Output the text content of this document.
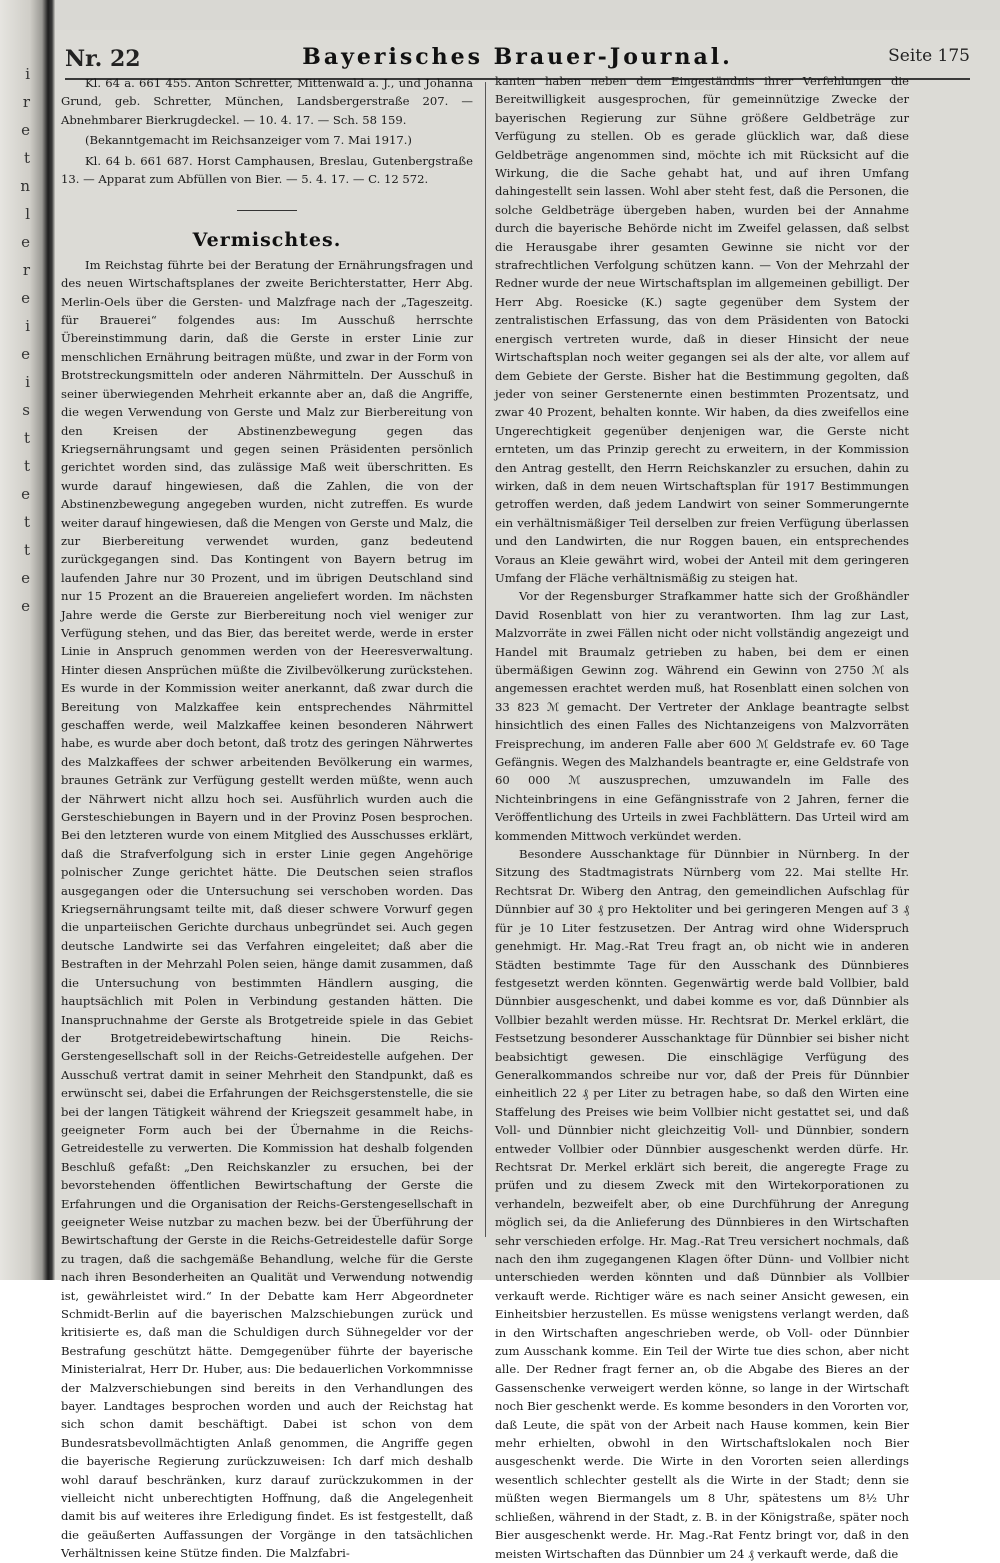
i
r
e
t
n
l
e
r
e
i
e
i
s
t
t
e
t
t
e
e
Nr. 22	Bayerisches Brauer-Journal.	Seite 175

Kl. 64 a. 661 455. Anton Schretter, Mittenwald a. J., und Johanna Grund, geb. Schretter, München, Landsbergerstraße 207. — Abnehmbarer Bierkrugdeckel. — 10. 4. 17. — Sch. 58 159.

(Bekanntgemacht im Reichsanzeiger vom 7. Mai 1917.)

Kl. 64 b. 661 687. Horst Camphausen, Breslau, Gutenbergstraße 13. — Apparat zum Abfüllen von Bier. — 5. 4. 17. — C. 12 572.

Vermischtes.

Im Reichstag führte bei der Beratung der Ernährungsfragen und des neuen Wirtschaftsplanes der zweite Berichterstatter, Herr Abg. Merlin-Oels über die Gersten- und Malzfrage nach der „Tageszeitg. für Brauerei“ folgendes aus: Im Ausschuß herrschte Übereinstimmung darin, daß die Gerste in erster Linie zur menschlichen Ernährung beitragen müßte, und zwar in der Form von Brotstreckungsmitteln oder anderen Nährmitteln. Der Ausschuß in seiner überwiegenden Mehrheit erkannte aber an, daß die Angriffe, die wegen Verwendung von Gerste und Malz zur Bierbereitung von den Kreisen der Abstinenzbewegung gegen das Kriegsernährungsamt und gegen seinen Präsidenten persönlich gerichtet worden sind, das zulässige Maß weit überschritten. Es wurde darauf hingewiesen, daß die Zahlen, die von der Abstinenzbewegung angegeben wurden, nicht zutreffen. Es wurde weiter darauf hingewiesen, daß die Mengen von Gerste und Malz, die zur Bierbereitung verwendet wurden, ganz bedeutend zurückgegangen sind. Das Kontingent von Bayern betrug im laufenden Jahre nur 30 Prozent, und im übrigen Deutschland sind nur 15 Prozent an die Brauereien angeliefert worden. Im nächsten Jahre werde die Gerste zur Bierbereitung noch viel weniger zur Verfügung stehen, und das Bier, das bereitet werde, werde in erster Linie in Anspruch genommen werden von der Heeresverwaltung. Hinter diesen Ansprüchen müßte die Zivilbevölkerung zurückstehen. Es wurde in der Kommission weiter anerkannt, daß zwar durch die Bereitung von Malzkaffee kein entsprechendes Nährmittel geschaffen werde, weil Malzkaffee keinen besonderen Nährwert habe, es wurde aber doch betont, daß trotz des geringen Nährwertes des Malzkaffees der schwer arbeitenden Bevölkerung ein warmes, braunes Getränk zur Verfügung gestellt werden müßte, wenn auch der Nährwert nicht allzu hoch sei. Ausführlich wurden auch die Gersteschiebungen in Bayern und in der Provinz Posen besprochen. Bei den letzteren wurde von einem Mitglied des Ausschusses erklärt, daß die Strafverfolgung sich in erster Linie gegen Angehörige polnischer Zunge gerichtet hätte. Die Deutschen seien straflos ausgegangen oder die Untersuchung sei verschoben worden. Das Kriegsernährungsamt teilte mit, daß dieser schwere Vorwurf gegen die unparteiischen Gerichte durchaus unbegründet sei. Auch gegen deutsche Landwirte sei das Verfahren eingeleitet; daß aber die Bestraften in der Mehrzahl Polen seien, hänge damit zusammen, daß die Untersuchung von bestimmten Händlern ausging, die hauptsächlich mit Polen in Verbindung gestanden hätten. Die Inanspruchnahme der Gerste als Brotgetreide spiele in das Gebiet der Brotgetreidebewirtschaftung hinein. Die Reichs-Gerstengesellschaft soll in der Reichs-Getreidestelle aufgehen. Der Ausschuß vertrat damit in seiner Mehrheit den Standpunkt, daß es erwünscht sei, dabei die Erfahrungen der Reichsgerstenstelle, die sie bei der langen Tätigkeit während der Kriegszeit gesammelt habe, in geeigneter Form auch bei der Übernahme in die Reichs-Getreidestelle zu verwerten. Die Kommission hat deshalb folgenden Beschluß gefaßt: „Den Reichskanzler zu ersuchen, bei der bevorstehenden öffentlichen Bewirtschaftung der Gerste die Erfahrungen und die Organisation der Reichs-Gerstengesellschaft in geeigneter Weise nutzbar zu machen bezw. bei der Überführung der Bewirtschaftung der Gerste in die Reichs-Getreidestelle dafür Sorge zu tragen, daß die sachgemäße Behandlung, welche für die Gerste nach ihren Besonderheiten an Qualität und Verwendung notwendig ist, gewährleistet wird.“ In der Debatte kam Herr Abgeordneter Schmidt-Berlin auf die bayerischen Malzschiebungen zurück und kritisierte es, daß man die Schuldigen durch Sühnegelder vor der Bestrafung geschützt hätte. Demgegenüber führte der bayerische Ministerialrat, Herr Dr. Huber, aus: Die bedauerlichen Vorkommnisse der Malzverschiebungen sind bereits in den Verhandlungen des bayer. Landtages besprochen worden und auch der Reichstag hat sich schon damit beschäftigt. Dabei ist schon von dem Bundesratsbevollmächtigten Anlaß genommen, die Angriffe gegen die bayerische Regierung zurückzuweisen: Ich darf mich deshalb wohl darauf beschränken, kurz darauf zurückzukommen in der vielleicht nicht unberechtigten Hoffnung, daß die Angelegenheit damit bis auf weiteres ihre Erledigung findet. Es ist festgestellt, daß die geäußerten Auffassungen der Vorgänge in den tatsächlichen Verhältnissen keine Stütze finden. Die Malzfabri-

kanten haben neben dem Eingeständnis ihrer Verfehlungen die Bereitwilligkeit ausgesprochen, für gemeinnützige Zwecke der bayerischen Regierung zur Sühne größere Geldbeträge zur Verfügung zu stellen. Ob es gerade glücklich war, daß diese Geldbeträge angenommen sind, möchte ich mit Rücksicht auf die Wirkung, die die Sache gehabt hat, und auf ihren Umfang dahingestellt sein lassen. Wohl aber steht fest, daß die Personen, die solche Geldbeträge übergeben haben, wurden bei der Annahme durch die bayerische Behörde nicht im Zweifel gelassen, daß selbst die Herausgabe ihrer gesamten Gewinne sie nicht vor der strafrechtlichen Verfolgung schützen kann. — Von der Mehrzahl der Redner wurde der neue Wirtschaftsplan im allgemeinen gebilligt. Der Herr Abg. Roesicke (K.) sagte gegenüber dem System der zentralistischen Erfassung, das von dem Präsidenten von Batocki energisch vertreten wurde, daß in dieser Hinsicht der neue Wirtschaftsplan noch weiter gegangen sei als der alte, vor allem auf dem Gebiete der Gerste. Bisher hat die Bestimmung gegolten, daß jeder von seiner Gerstenernte einen bestimmten Prozentsatz, und zwar 40 Prozent, behalten konnte. Wir haben, da dies zweifellos eine Ungerechtigkeit gegenüber denjenigen war, die Gerste nicht ernteten, um das Prinzip gerecht zu erweitern, in der Kommission den Antrag gestellt, den Herrn Reichskanzler zu ersuchen, dahin zu wirken, daß in dem neuen Wirtschaftsplan für 1917 Bestimmungen getroffen werden, daß jedem Landwirt von seiner Sommerungernte ein verhältnismäßiger Teil derselben zur freien Verfügung überlassen und den Landwirten, die nur Roggen bauen, ein entsprechendes Voraus an Kleie gewährt wird, wobei der Anteil mit dem geringeren Umfang der Fläche verhältnismäßig zu steigen hat.

Vor der Regensburger Strafkammer hatte sich der Großhändler David Rosenblatt von hier zu verantworten. Ihm lag zur Last, Malzvorräte in zwei Fällen nicht oder nicht vollständig angezeigt und Handel mit Braumalz getrieben zu haben, bei dem er einen übermäßigen Gewinn zog. Während ein Gewinn von 2750 ℳ als angemessen erachtet werden muß, hat Rosenblatt einen solchen von 33 823 ℳ gemacht. Der Vertreter der Anklage beantragte selbst hinsichtlich des einen Falles des Nichtanzeigens von Malzvorräten Freisprechung, im anderen Falle aber 600 ℳ Geldstrafe ev. 60 Tage Gefängnis. Wegen des Malzhandels beantragte er, eine Geldstrafe von 60 000 ℳ auszusprechen, umzuwandeln im Falle des Nichteinbringens in eine Gefängnisstrafe von 2 Jahren, ferner die Veröffentlichung des Urteils in zwei Fachblättern. Das Urteil wird am kommenden Mittwoch verkündet werden.

Besondere Ausschanktage für Dünnbier in Nürnberg. In der Sitzung des Stadtmagistrats Nürnberg vom 22. Mai stellte Hr. Rechtsrat Dr. Wiberg den Antrag, den gemeindlichen Aufschlag für Dünnbier auf 30 ₰ pro Hektoliter und bei geringeren Mengen auf 3 ₰ für je 10 Liter festzusetzen. Der Antrag wird ohne Widerspruch genehmigt. Hr. Mag.-Rat Treu fragt an, ob nicht wie in anderen Städten bestimmte Tage für den Ausschank des Dünnbieres festgesetzt werden könnten. Gegenwärtig werde bald Vollbier, bald Dünnbier ausgeschenkt, und dabei komme es vor, daß Dünnbier als Vollbier bezahlt werden müsse. Hr. Rechtsrat Dr. Merkel erklärt, die Festsetzung besonderer Ausschanktage für Dünnbier sei bisher nicht beabsichtigt gewesen. Die einschlägige Verfügung des Generalkommandos schreibe nur vor, daß der Preis für Dünnbier einheitlich 22 ₰ per Liter zu betragen habe, so daß den Wirten eine Staffelung des Preises wie beim Vollbier nicht gestattet sei, und daß Voll- und Dünnbier nicht gleichzeitig Voll- und Dünnbier, sondern entweder Vollbier oder Dünnbier ausgeschenkt werden dürfe. Hr. Rechtsrat Dr. Merkel erklärt sich bereit, die angeregte Frage zu prüfen und zu diesem Zweck mit den Wirtekorporationen zu verhandeln, bezweifelt aber, ob eine Durchführung der Anregung möglich sei, da die Anlieferung des Dünnbieres in den Wirtschaften sehr verschieden erfolge. Hr. Mag.-Rat Treu versichert nochmals, daß nach den ihm zugegangenen Klagen öfter Dünn- und Vollbier nicht unterschieden werden könnten und daß Dünnbier als Vollbier verkauft werde. Richtiger wäre es nach seiner Ansicht gewesen, ein Einheitsbier herzustellen. Es müsse wenigstens verlangt werden, daß in den Wirtschaften angeschrieben werde, ob Voll- oder Dünnbier zum Ausschank komme. Ein Teil der Wirte tue dies schon, aber nicht alle. Der Redner fragt ferner an, ob die Abgabe des Bieres an der Gassenschenke verweigert werden könne, so lange in der Wirtschaft noch Bier geschenkt werde. Es komme besonders in den Vororten vor, daß Leute, die spät von der Arbeit nach Hause kommen, kein Bier mehr erhielten, obwohl in den Wirtschaftslokalen noch Bier ausgeschenkt werde. Die Wirte in den Vororten seien allerdings wesentlich schlechter gestellt als die Wirte in der Stadt; denn sie müßten wegen Biermangels um 8 Uhr, spätestens um 8½ Uhr schließen, während in der Stadt, z. B. in der Königstraße, später noch Bier ausgeschenkt werde. Hr. Mag.-Rat Fentz bringt vor, daß in den meisten Wirtschaften das Dünnbier um 24 ₰ verkauft werde, daß die
